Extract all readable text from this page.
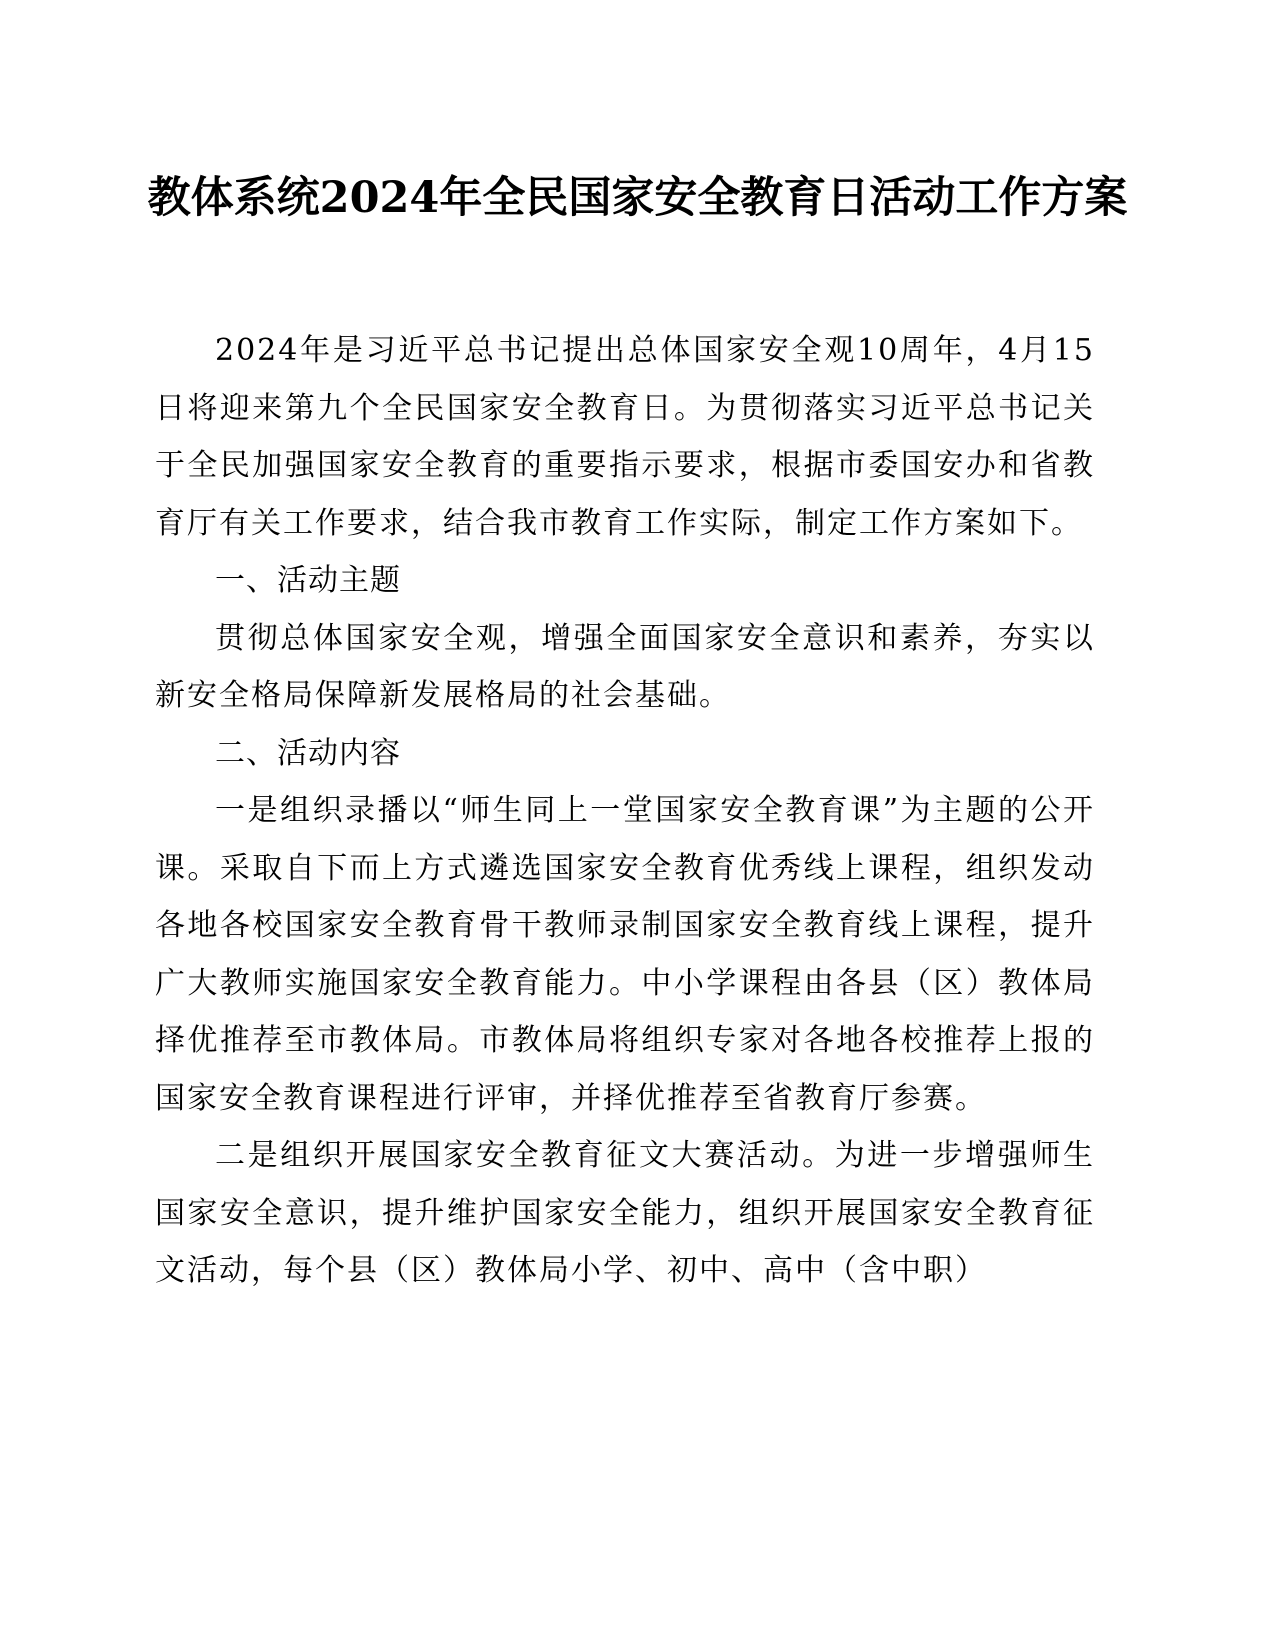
教体系统2024年全民国家安全教育日活动工作方案

2024年是习近平总书记提出总体国家安全观10周年，4月15日将迎来第九个全民国家安全教育日。为贯彻落实习近平总书记关于全民加强国家安全教育的重要指示要求，根据市委国安办和省教育厅有关工作要求，结合我市教育工作实际，制定工作方案如下。

一、活动主题

贯彻总体国家安全观，增强全面国家安全意识和素养，夯实以新安全格局保障新发展格局的社会基础。

二、活动内容

一是组织录播以“师生同上一堂国家安全教育课”为主题的公开课。采取自下而上方式遴选国家安全教育优秀线上课程，组织发动各地各校国家安全教育骨干教师录制国家安全教育线上课程，提升广大教师实施国家安全教育能力。中小学课程由各县（区）教体局择优推荐至市教体局。市教体局将组织专家对各地各校推荐上报的国家安全教育课程进行评审，并择优推荐至省教育厅参赛。

二是组织开展国家安全教育征文大赛活动。为进一步增强师生国家安全意识，提升维护国家安全能力，组织开展国家安全教育征文活动，每个县（区）教体局小学、初中、高中（含中职）
